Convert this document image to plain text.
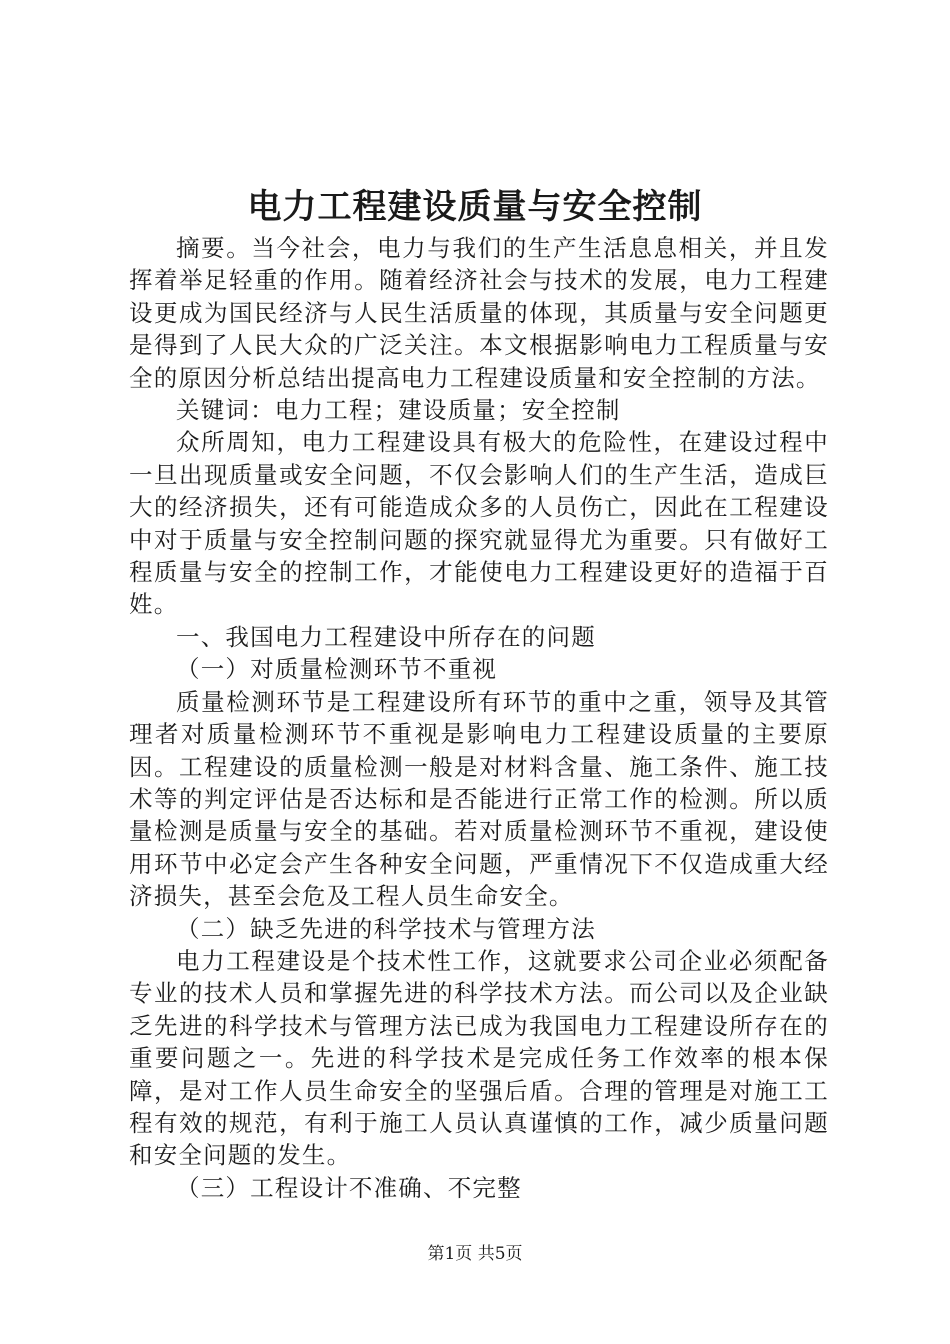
电力工程建设质量与安全控制

摘要。当今社会，电力与我们的生产生活息息相关，并且发挥着举足轻重的作用。随着经济社会与技术的发展，电力工程建设更成为国民经济与人民生活质量的体现，其质量与安全问题更是得到了人民大众的广泛关注。本文根据影响电力工程质量与安全的原因分析总结出提高电力工程建设质量和安全控制的方法。

关键词：电力工程；建设质量；安全控制

众所周知，电力工程建设具有极大的危险性，在建设过程中一旦出现质量或安全问题，不仅会影响人们的生产生活，造成巨大的经济损失，还有可能造成众多的人员伤亡，因此在工程建设中对于质量与安全控制问题的探究就显得尤为重要。只有做好工程质量与安全的控制工作，才能使电力工程建设更好的造福于百姓。

一、我国电力工程建设中所存在的问题

（一）对质量检测环节不重视

质量检测环节是工程建设所有环节的重中之重，领导及其管理者对质量检测环节不重视是影响电力工程建设质量的主要原因。工程建设的质量检测一般是对材料含量、施工条件、施工技术等的判定评估是否达标和是否能进行正常工作的检测。所以质量检测是质量与安全的基础。若对质量检测环节不重视，建设使用环节中必定会产生各种安全问题，严重情况下不仅造成重大经济损失，甚至会危及工程人员生命安全。

（二）缺乏先进的科学技术与管理方法

电力工程建设是个技术性工作，这就要求公司企业必须配备专业的技术人员和掌握先进的科学技术方法。而公司以及企业缺乏先进的科学技术与管理方法已成为我国电力工程建设所存在的重要问题之一。先进的科学技术是完成任务工作效率的根本保障，是对工作人员生命安全的坚强后盾。合理的管理是对施工工程有效的规范，有利于施工人员认真谨慎的工作，减少质量问题和安全问题的发生。

（三）工程设计不准确、不完整

第1页 共5页
